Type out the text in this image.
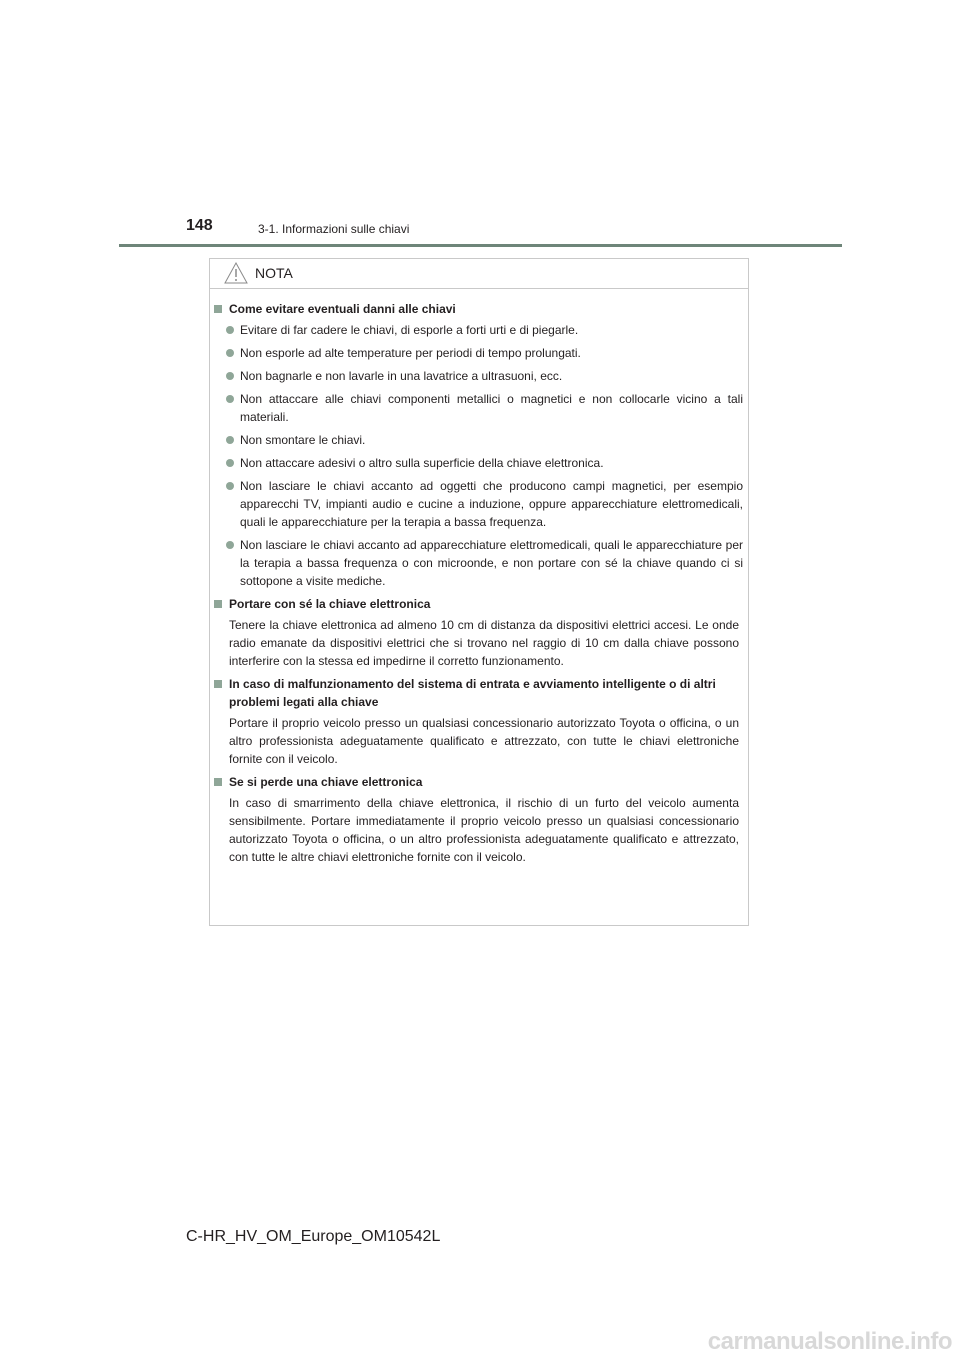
148	3-1. Informazioni sulle chiavi
NOTA
Come evitare eventuali danni alle chiavi
Evitare di far cadere le chiavi, di esporle a forti urti e di piegarle.
Non esporle ad alte temperature per periodi di tempo prolungati.
Non bagnarle e non lavarle in una lavatrice a ultrasuoni, ecc.
Non attaccare alle chiavi componenti metallici o magnetici e non collocarle vicino a tali materiali.
Non smontare le chiavi.
Non attaccare adesivi o altro sulla superficie della chiave elettronica.
Non lasciare le chiavi accanto ad oggetti che producono campi magnetici, per esempio apparecchi TV, impianti audio e cucine a induzione, oppure apparecchiature elettromedicali, quali le apparecchiature per la terapia a bassa frequenza.
Non lasciare le chiavi accanto ad apparecchiature elettromedicali, quali le apparecchiature per la terapia a bassa frequenza o con microonde, e non portare con sé la chiave quando ci si sottopone a visite mediche.
Portare con sé la chiave elettronica
Tenere la chiave elettronica ad almeno 10 cm di distanza da dispositivi elettrici accesi. Le onde radio emanate da dispositivi elettrici che si trovano nel raggio di 10 cm dalla chiave possono interferire con la stessa ed impedirne il corretto funzionamento.
In caso di malfunzionamento del sistema di entrata e avviamento intelligente o di altri problemi legati alla chiave
Portare il proprio veicolo presso un qualsiasi concessionario autorizzato Toyota o officina, o un altro professionista adeguatamente qualificato e attrezzato, con tutte le chiavi elettroniche fornite con il veicolo.
Se si perde una chiave elettronica
In caso di smarrimento della chiave elettronica, il rischio di un furto del veicolo aumenta sensibilmente. Portare immediatamente il proprio veicolo presso un qualsiasi concessionario autorizzato Toyota o officina, o un altro professionista adeguatamente qualificato e attrezzato, con tutte le altre chiavi elettroniche fornite con il veicolo.
C-HR_HV_OM_Europe_OM10542L
carmanualsonline.info
